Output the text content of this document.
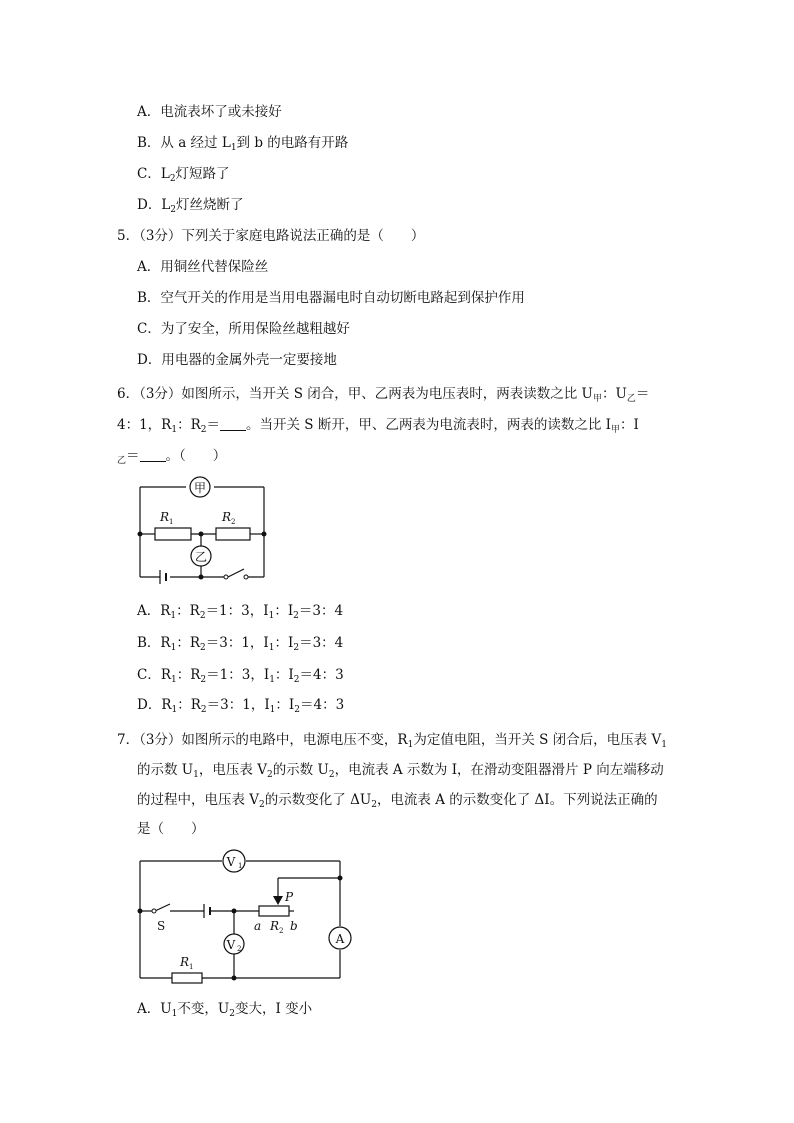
A．电流表坏了或未接好
B．从 a 经过 $L_1$到 b 的电路有开路
C．$L_2$灯短路了
D．$L_2$灯丝烧断了
5．（3分）下列关于家庭电路说法正确的是（　　）
A．用铜丝代替保险丝
B．空气开关的作用是当用电器漏电时自动切断电路起到保护作用
C．为了安全，所用保险丝越粗越好
D．用电器的金属外壳一定要接地
6．（3分）如图所示，当开关 S 闭合，甲、乙两表为电压表时，两表读数之比 $U_甲$：$U_乙=$
4：1，$R_1$：$R_2=$ 。当开关 S 断开，甲、乙两表为电流表时，两表的读数之比 $I_甲$：I
$_乙$＝ 。（　　）
甲
乙
R 1	R 2
A．$R_1$：$R_2=1$：3，$I_1$：$I_2=3$：4
B．$R_1$：$R_2=3$：1，$I_1$：$I_2=3$：4
C．$R_1$：$R_2=1$：3，$I_1$：$I_2=4$：3
D．$R_1$：$R_2=3$：1，$I_1$：$I_2=4$：3
7．（3分）如图所示的电路中，电源电压不变，$R_1$为定值电阻，当开关 S 闭合后，电压表 $V_1$
的示数 $U_1$，电压表 $V_2$的示数 $U_2$，电流表 A 示数为 I，在滑动变阻器滑片 P 向左端移动
的过程中，电压表 $V_2$的示数变化了 $\Delta U_2$，电流表 A 的示数变化了 ΔI。下列说法正确的
是（　　）
V 1
V 2
A
S
P
a R 2 b
R 1
A．$U_1$不变，$U_2$变大，I 变小
